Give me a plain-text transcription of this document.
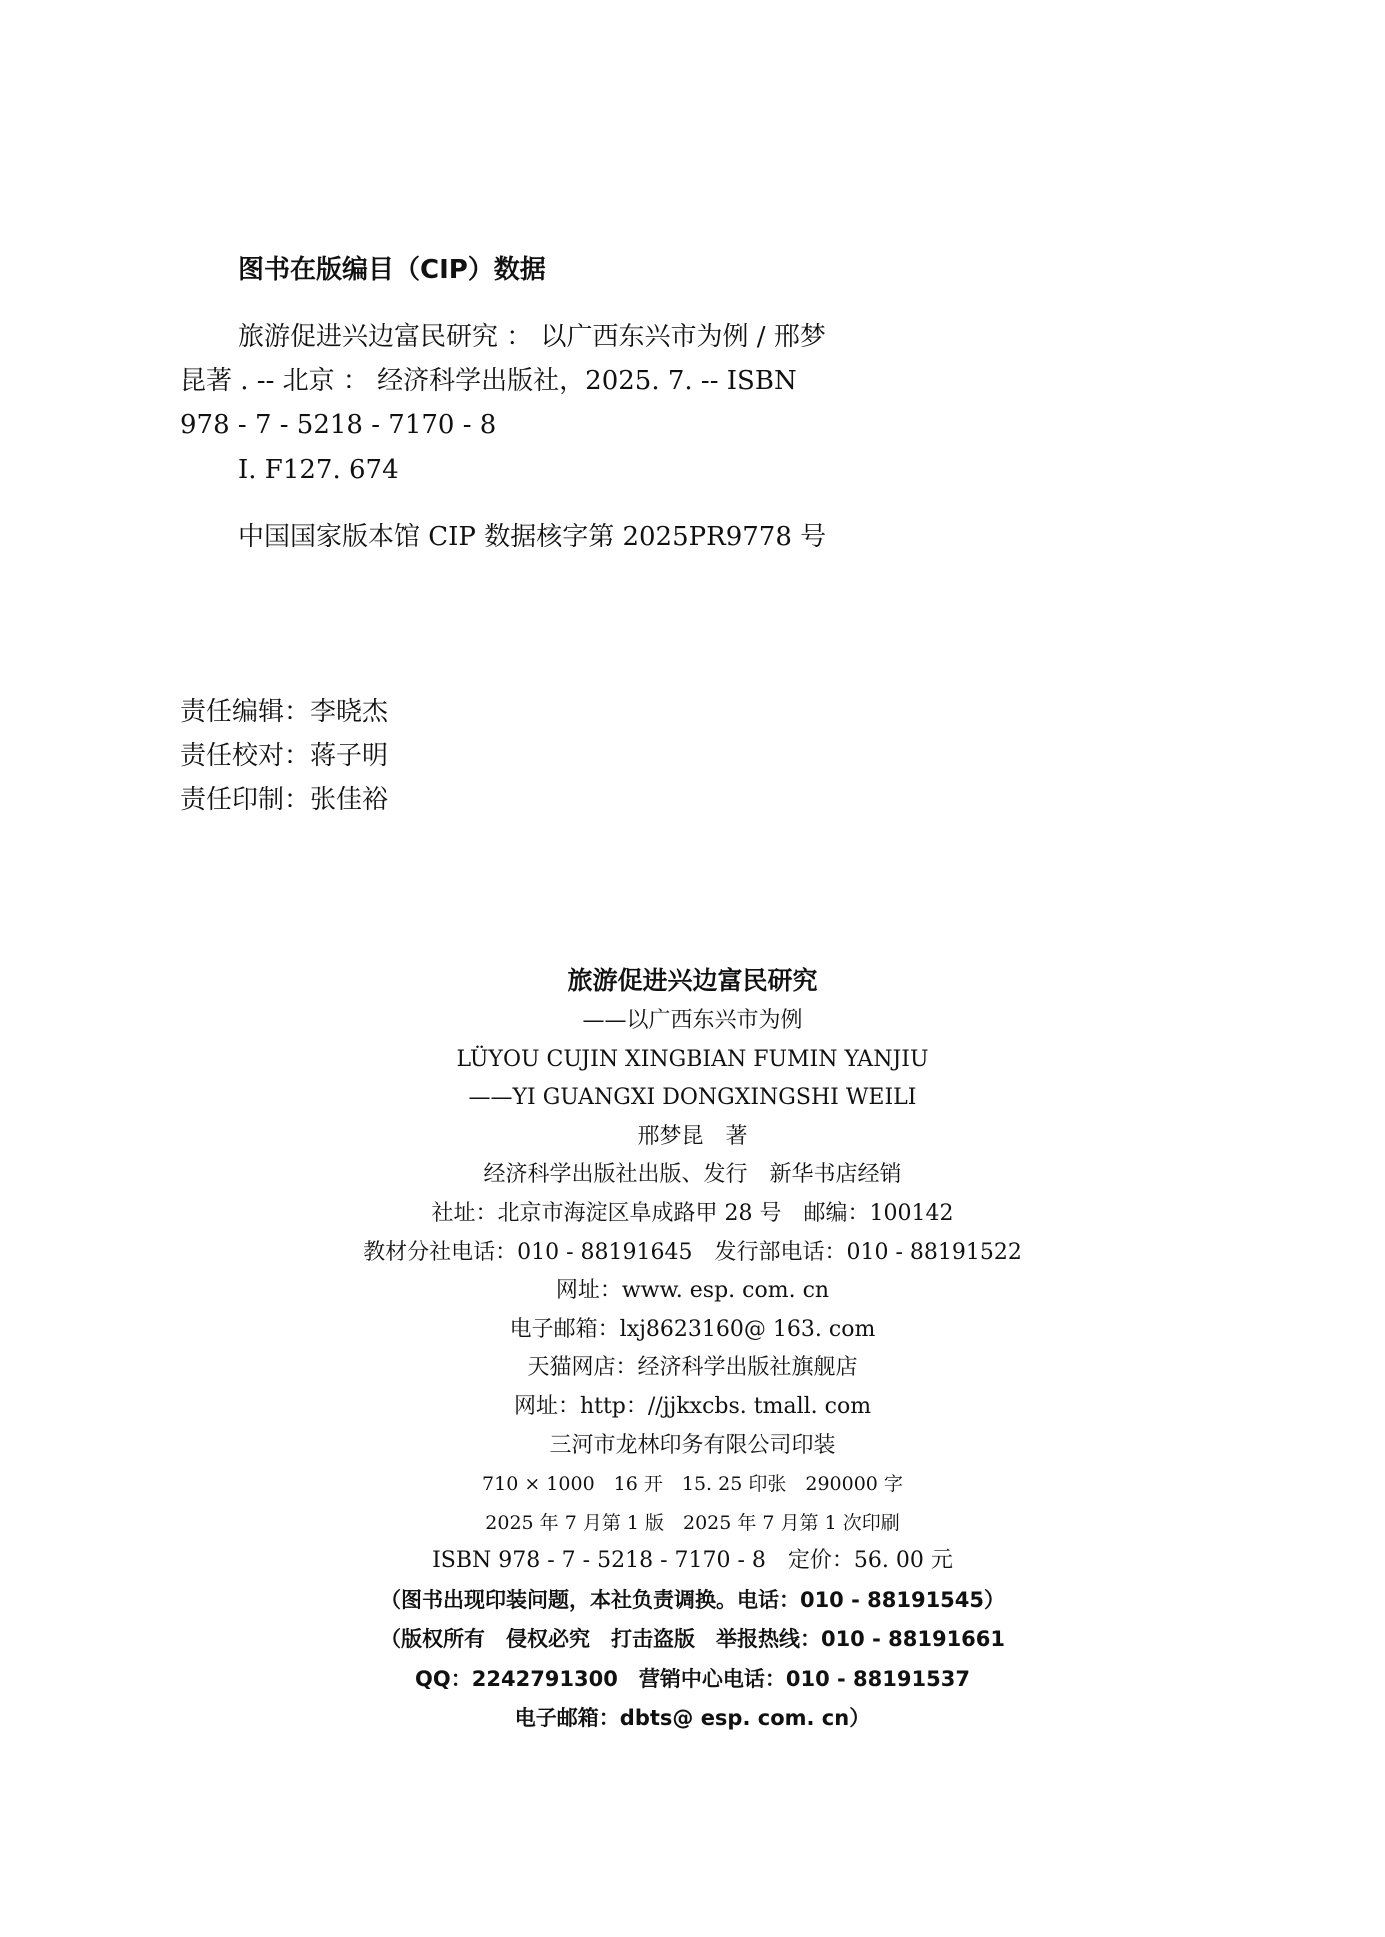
图书在版编目（CIP）数据

旅游促进兴边富民研究 ： 以广西东兴市为例 / 邢梦

昆著 . -- 北京 ： 经济科学出版社，2025. 7. -- ISBN

978 - 7 - 5218 - 7170 - 8

Ⅰ. F127. 674

中国国家版本馆 CIP 数据核字第 2025PR9778 号

责任编辑：李晓杰
责任校对：蒋子明
责任印制：张佳裕
旅游促进兴边富民研究
——以广西东兴市为例
LÜYOU CUJIN XINGBIAN FUMIN YANJIU
——YI GUANGXI DONGXINGSHI WEILI
邢梦昆　著
经济科学出版社出版、发行　新华书店经销
社址：北京市海淀区阜成路甲 28 号　邮编：100142
教材分社电话：010 - 88191645　发行部电话：010 - 88191522
网址：www. esp. com. cn
电子邮箱：lxj8623160@ 163. com
天猫网店：经济科学出版社旗舰店
网址：http：//jjkxcbs. tmall. com
三河市龙林印务有限公司印装
710 × 1000　16 开　15. 25 印张　290000 字
2025 年 7 月第 1 版　2025 年 7 月第 1 次印刷
ISBN 978 - 7 - 5218 - 7170 - 8　定价：56. 00 元
（图书出现印装问题，本社负责调换。电话：010 - 88191545）
（版权所有　侵权必究　打击盗版　举报热线：010 - 88191661
QQ：2242791300　营销中心电话：010 - 88191537
电子邮箱：dbts@ esp. com. cn）
